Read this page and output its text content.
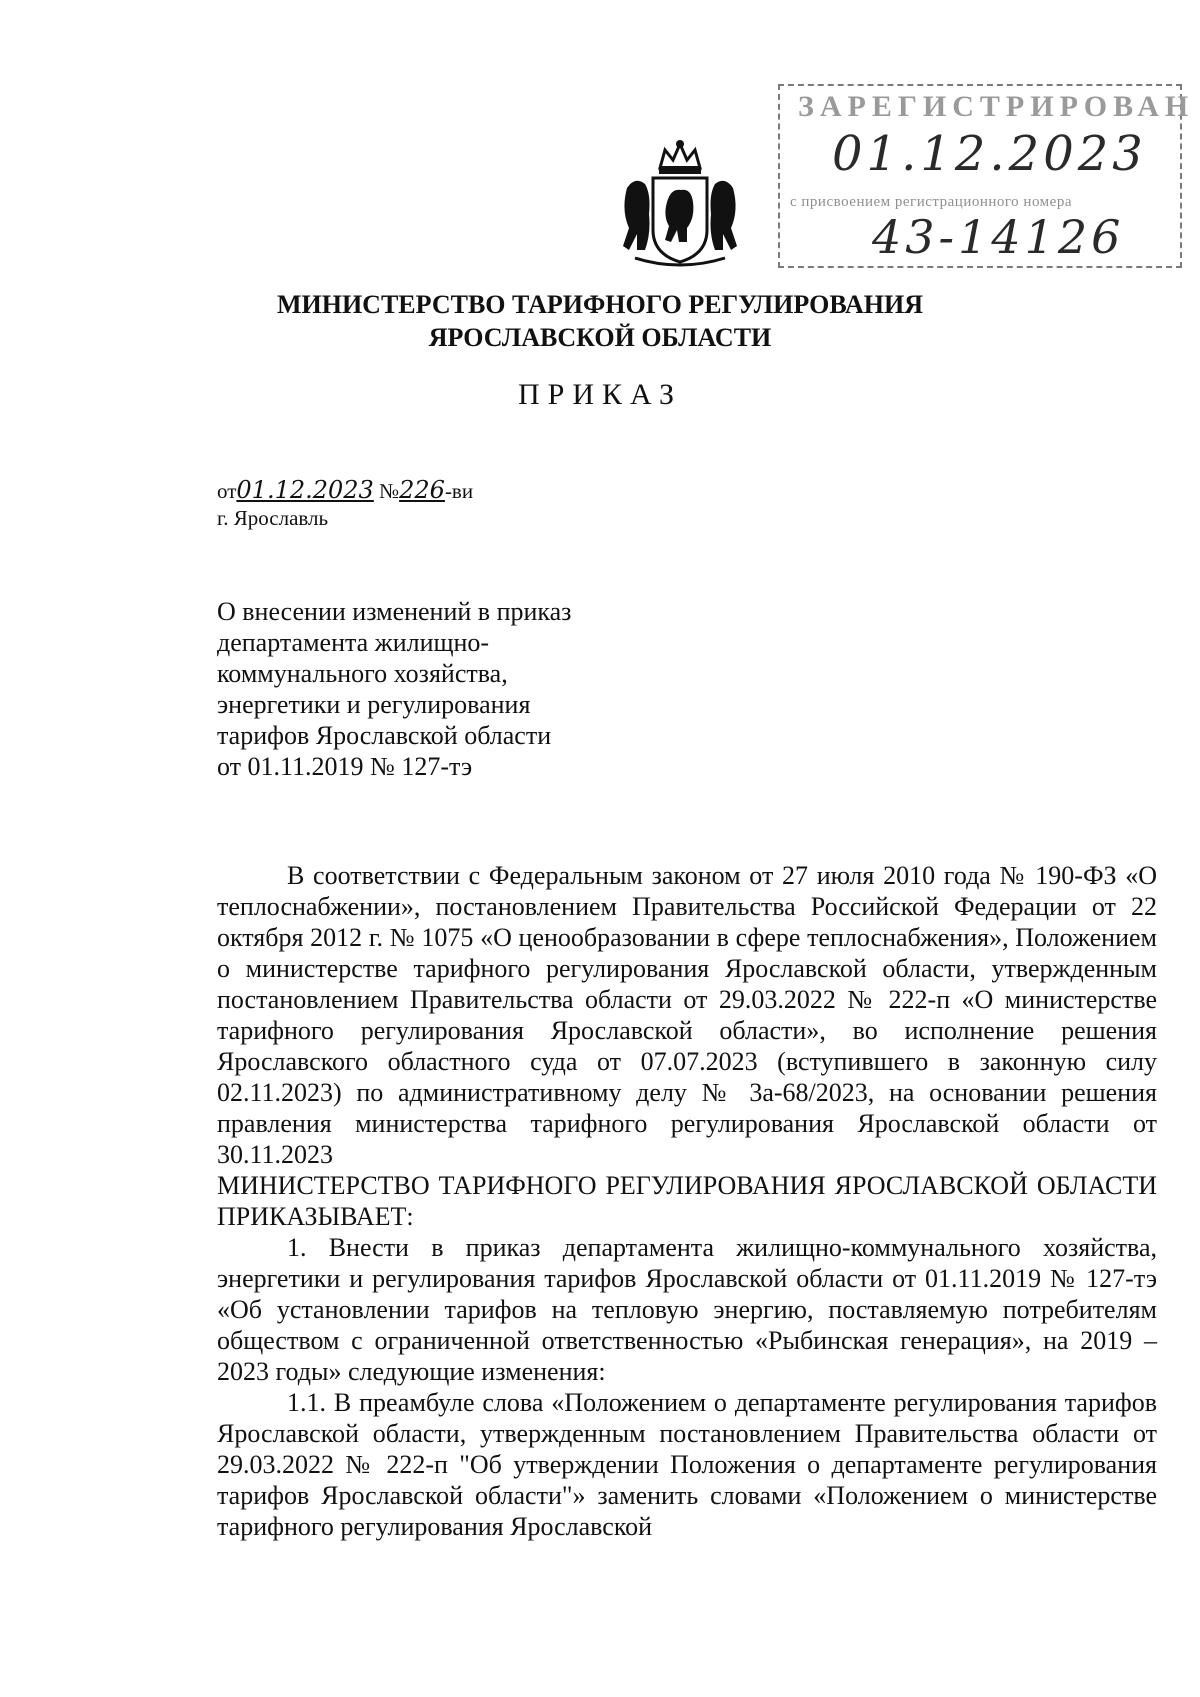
ЗАРЕГИСТРИРОВАН
01.12.2023
с присвоением регистрационного номера
43-14126
МИНИСТЕРСТВО ТАРИФНОГО РЕГУЛИРОВАНИЯ
ЯРОСЛАВСКОЙ ОБЛАСТИ
ПРИКАЗ
от01.12.2023 №226-ви
г. Ярославль
О внесении изменений в приказ
департамента жилищно-
коммунального хозяйства,
энергетики и регулирования
тарифов Ярославской области
от 01.11.2019 № 127-тэ

В соответствии с Федеральным законом от 27 июля 2010 года № 190-ФЗ «О теплоснабжении», постановлением Правительства Российской Федерации от 22 октября 2012 г. № 1075 «О ценообразовании в сфере теплоснабжения», Положением о министерстве тарифного регулирования Ярославской области, утвержденным постановлением Правительства области от 29.03.2022 № 222-п «О министерстве тарифного регулирования Ярославской области», во исполнение решения Ярославского областного суда от 07.07.2023 (вступившего в законную силу 02.11.2023) по административному делу № 3а-68/2023, на основании решения правления министерства тарифного регулирования Ярославской области от 30.11.2023

МИНИСТЕРСТВО ТАРИФНОГО РЕГУЛИРОВАНИЯ ЯРОСЛАВСКОЙ ОБЛАСТИ ПРИКАЗЫВАЕТ:

1. Внести в приказ департамента жилищно-коммунального хозяйства, энергетики и регулирования тарифов Ярославской области от 01.11.2019 № 127-тэ «Об установлении тарифов на тепловую энергию, поставляемую потребителям обществом с ограниченной ответственностью «Рыбинская генерация», на 2019 – 2023 годы» следующие изменения:

1.1. В преамбуле слова «Положением о департаменте регулирования тарифов Ярославской области, утвержденным постановлением Правительства области от 29.03.2022 № 222-п "Об утверждении Положения о департаменте регулирования тарифов Ярославской области"» заменить словами «Положением о министерстве тарифного регулирования Ярославской
